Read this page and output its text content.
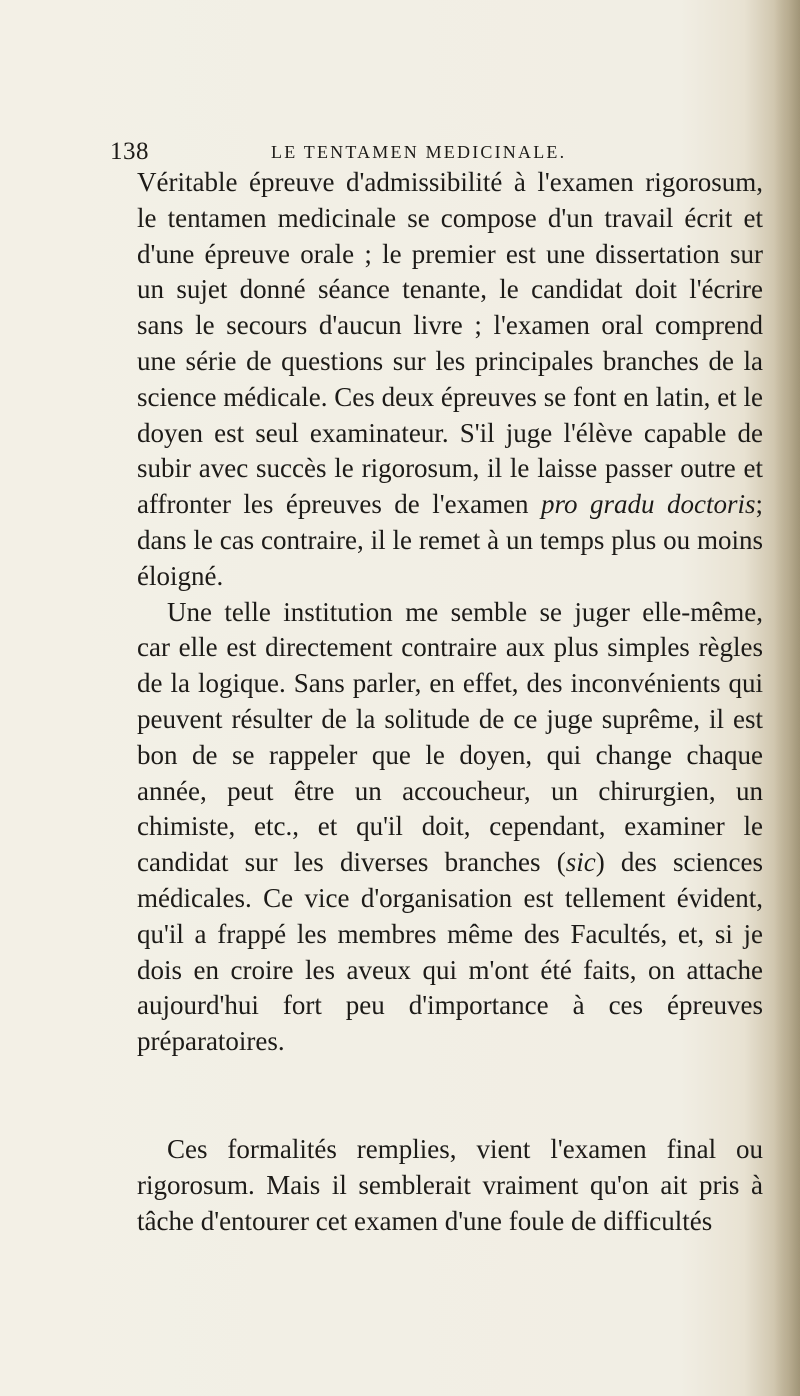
138	LE TENTAMEN MEDICINALE.

Véritable épreuve d'admissibilité à l'examen rigorosum, le tentamen medicinale se compose d'un travail écrit et d'une épreuve orale ; le premier est une dissertation sur un sujet donné séance tenante, le candidat doit l'écrire sans le secours d'aucun livre ; l'examen oral comprend une série de questions sur les principales branches de la science médicale. Ces deux épreuves se font en latin, et le doyen est seul examinateur. S'il juge l'élève capable de subir avec succès le rigorosum, il le laisse passer outre et affronter les épreuves de l'examen pro gradu doctoris; dans le cas contraire, il le remet à un temps plus ou moins éloigné.

Une telle institution me semble se juger elle-même, car elle est directement contraire aux plus simples règles de la logique. Sans parler, en effet, des inconvénients qui peuvent résulter de la solitude de ce juge suprême, il est bon de se rappeler que le doyen, qui change chaque année, peut être un accoucheur, un chirurgien, un chimiste, etc., et qu'il doit, cependant, examiner le candidat sur les diverses branches (sic) des sciences médicales. Ce vice d'organisation est tellement évident, qu'il a frappé les membres même des Facultés, et, si je dois en croire les aveux qui m'ont été faits, on attache aujourd'hui fort peu d'importance à ces épreuves préparatoires.

Ces formalités remplies, vient l'examen final ou rigorosum. Mais il semblerait vraiment qu'on ait pris à tâche d'entourer cet examen d'une foule de difficultés
